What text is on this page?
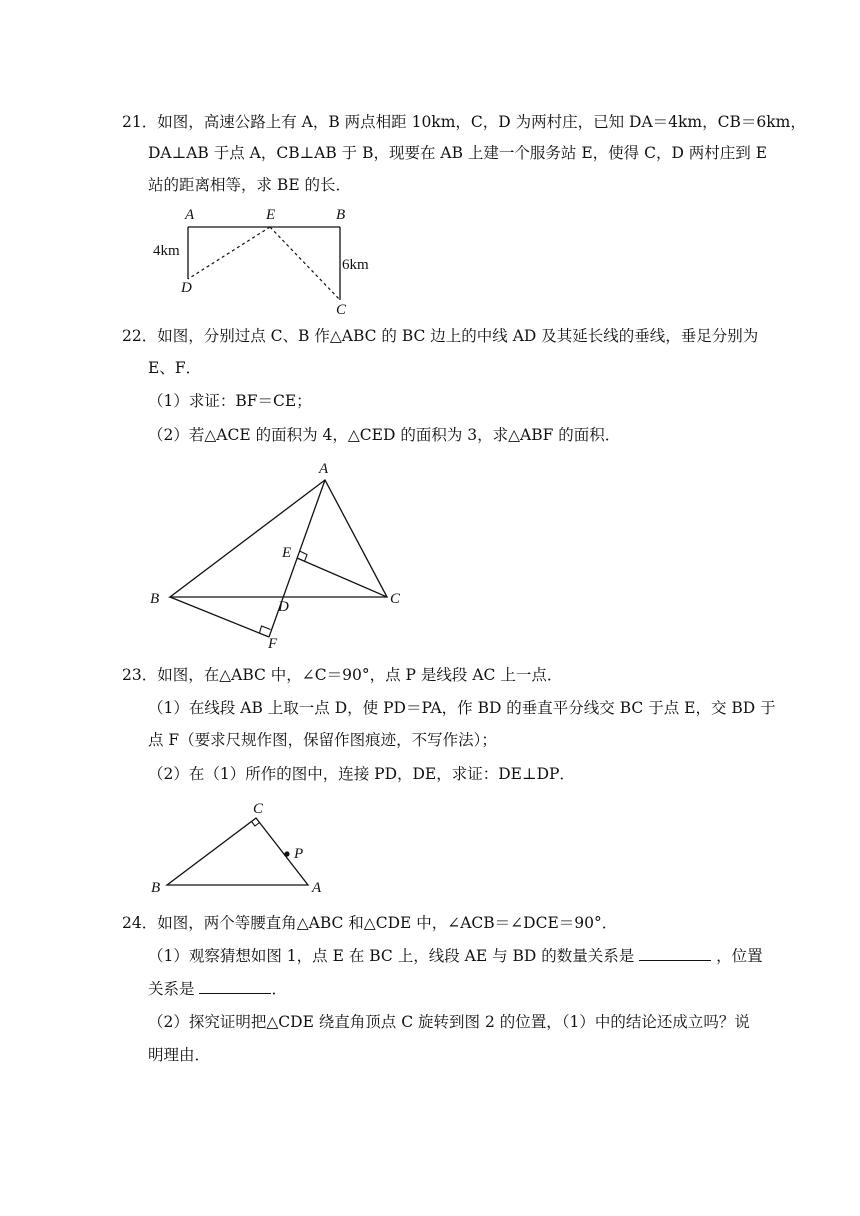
21．如图，高速公路上有 A，B 两点相距 10km，C，D 为两村庄，已知 DA＝4km，CB＝6km，
DA⊥AB 于点 A，CB⊥AB 于 B，现要在 AB 上建一个服务站 E，使得 C，D 两村庄到 E
站的距离相等，求 BE 的长．
A	E	B
D
C
4km
6km
22．如图，分别过点 C、B 作△ABC 的 BC 边上的中线 AD 及其延长线的垂线，垂足分别为
E、F．
（1）求证：BF＝CE；
（2）若△ACE 的面积为 4，△CED 的面积为 3，求△ABF 的面积．
A
B	C
D
E
F
23．如图，在△ABC 中，∠C＝90°，点 P 是线段 AC 上一点．
（1）在线段 AB 上取一点 D，使 PD＝PA，作 BD 的垂直平分线交 BC 于点 E，交 BD 于
点 F（要求尺规作图，保留作图痕迹，不写作法）；
（2）在（1）所作的图中，连接 PD，DE，求证：DE⊥DP．
C
P
B	A
24．如图，两个等腰直角△ABC 和△CDE 中，∠ACB＝∠DCE＝90°．
（1）观察猜想如图 1，点 E 在 BC 上，线段 AE 与 BD 的数量关系是	，位置
关系是	．
（2）探究证明把△CDE 绕直角顶点 C 旋转到图 2 的位置，（1）中的结论还成立吗？说
明理由．
